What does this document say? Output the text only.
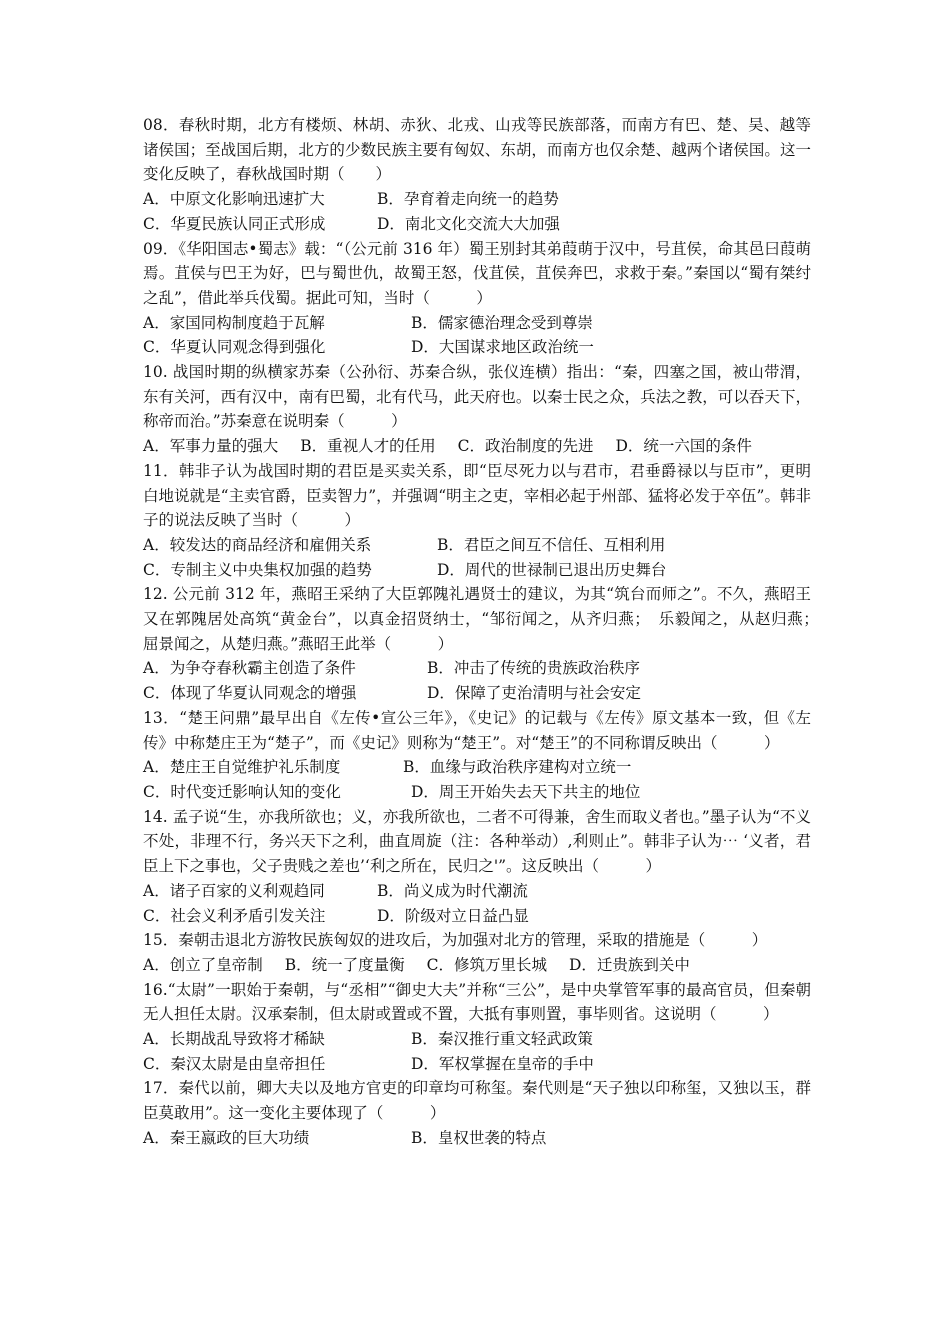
08．春秋时期，北方有楼烦、林胡、赤狄、北戎、山戎等民族部落，而南方有巴、楚、吴、越等诸侯国；至战国后期，北方的少数民族主要有匈奴、东胡，而南方也仅余楚、越两个诸侯国。这一变化反映了，春秋战国时期（　　）

A．中原文化影响迅速扩大	B．孕育着走向统一的趋势
C．华夏民族认同正式形成	D．南北文化交流大大加强

09．《华阳国志•蜀志》载：“（公元前 316 年）蜀王别封其弟葭萌于汉中，号苴侯，命其邑曰葭萌焉。苴侯与巴王为好，巴与蜀世仇，故蜀王怒，伐苴侯，苴侯奔巴，求救于秦。”秦国以“蜀有桀纣之乱”，借此举兵伐蜀。据此可知，当时（　　　）

A．家国同构制度趋于瓦解	B．儒家德治理念受到尊崇
C．华夏认同观念得到强化	D．大国谋求地区政治统一

10. 战国时期的纵横家苏秦（公孙衍、苏秦合纵，张仪连横）指出：“秦，四塞之国，被山带渭，东有关河，西有汉中，南有巴蜀，北有代马，此天府也。以秦士民之众，兵法之教，可以吞天下，称帝而治。”苏秦意在说明秦（　　　）

A．军事力量的强大 B．重视人才的任用 C．政治制度的先进 D．统一六国的条件

11．韩非子认为战国时期的君臣是买卖关系，即“臣尽死力以与君市，君垂爵禄以与臣市”，更明白地说就是“主卖官爵，臣卖智力”，并强调“明主之吏，宰相必起于州部、猛将必发于卒伍”。韩非子的说法反映了当时（　　　）

A．较发达的商品经济和雇佣关系	B．君臣之间互不信任、互相利用
C．专制主义中央集权加强的趋势	D．周代的世禄制已退出历史舞台

12. 公元前 312 年，燕昭王采纳了大臣郭隗礼遇贤士的建议，为其“筑台而师之”。不久，燕昭王又在郭隗居处高筑“黄金台”，以真金招贤纳士，“邹衍闻之，从齐归燕；　乐毅闻之，从赵归燕；　屈景闻之，从楚归燕。”燕昭王此举（　　　）

A．为争夺春秋霸主创造了条件	B．冲击了传统的贵族政治秩序
C．体现了华夏认同观念的增强	D．保障了吏治清明与社会安定

13．“楚王问鼎”最早出自《左传•宣公三年》，《史记》的记载与《左传》原文基本一致，但《左传》中称楚庄王为“楚子”，而《史记》则称为“楚王”。对“楚王”的不同称谓反映出（　　　）

A．楚庄王自觉维护礼乐制度	B．血缘与政治秩序建构对立统一
C．时代变迁影响认知的变化	D．周王开始失去天下共主的地位

14. 孟子说“生，亦我所欲也；义，亦我所欲也，二者不可得兼，舍生而取义者也。”墨子认为“不义不处，非理不行，务兴天下之利，曲直周旋（注：各种举动）,利则止”。韩非子认为⋯ ‘义者，君臣上下之事也，父子贵贱之差也’‘利之所在，民归之'”。这反映出（　　　）

A．诸子百家的义利观趋同	B．尚义成为时代潮流
C．社会义利矛盾引发关注	D．阶级对立日益凸显

15．秦朝击退北方游牧民族匈奴的进攻后，为加强对北方的管理，采取的措施是（　　　）

A．创立了皇帝制 B．统一了度量衡 C．修筑万里长城 D．迁贵族到关中

16.“太尉”一职始于秦朝，与“丞相”“御史大夫”并称“三公”，是中央掌管军事的最高官员，但秦朝无人担任太尉。汉承秦制，但太尉或置或不置，大抵有事则置，事毕则省。这说明（　　　）

A．长期战乱导致将才稀缺	B．秦汉推行重文轻武政策
C．秦汉太尉是由皇帝担任	D．军权掌握在皇帝的手中

17．秦代以前，卿大夫以及地方官吏的印章均可称玺。秦代则是“天子独以印称玺，又独以玉，群臣莫敢用”。这一变化主要体现了（　　　）

A．秦王嬴政的巨大功绩	B．皇权世袭的特点
